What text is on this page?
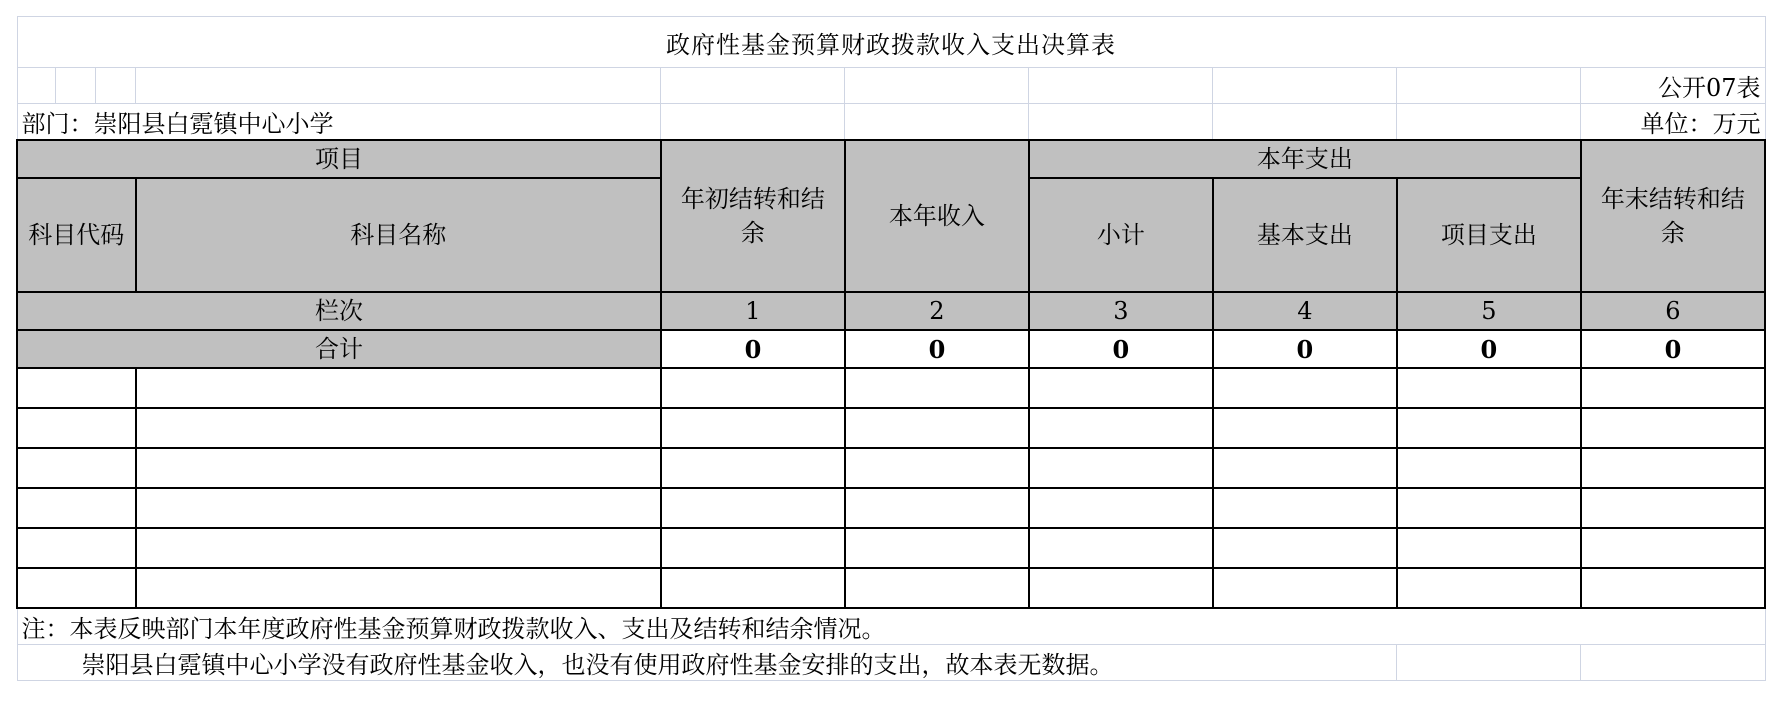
政府性基金预算财政拨款收入支出决算表									
									公开07表
部门：崇阳县白霓镇中心小学									单位：万元
项目				年初结转和结余	本年收入	本年支出			年末结转和结余
科目代码			科目名称			小计	基本支出	项目支出	
栏次				1	2	3	4	5	6
合计				0	0	0	0	0	0

注：本表反映部门本年度政府性基金预算财政拨款收入、支出及结转和结余情况。									
崇阳县白霓镇中心小学没有政府性基金收入，也没有使用政府性基金安排的支出，故本表无数据。									
